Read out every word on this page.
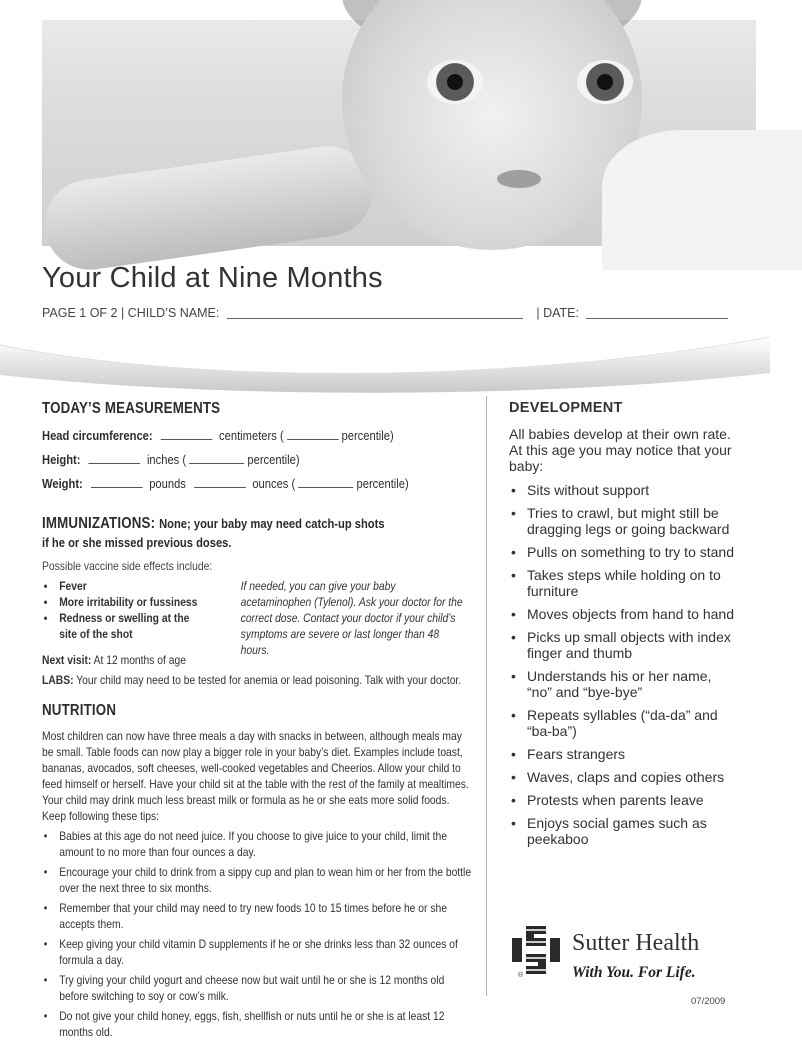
Your Child at Nine Months
PAGE 1 OF 2 | CHILD’S NAME:	| DATE:
TODAY’S MEASUREMENTS
Head circumference:	centimeters (	percentile)
Height:	inches (	percentile)
Weight:	pounds	ounces (	percentile)
IMMUNIZATIONS: None; your baby may need catch-up shots
if he or she missed previous doses.
Possible vaccine side effects include:
• Fever
• More irritability or fussiness
• Redness or swelling at the site of the shot
If needed, you can give your baby acetaminophen (Tylenol). Ask your doctor for the correct dose. Contact your doctor if your child’s symptoms are severe or last longer than 48 hours.
Next visit: At 12 months of age
LABS: Your child may need to be tested for anemia or lead poisoning. Talk with your doctor.
NUTRITION
Most children can now have three meals a day with snacks in between, although meals may be small. Table foods can now play a bigger role in your baby’s diet. Examples include toast, bananas, avocados, soft cheeses, well-cooked vegetables and Cheerios. Allow your child to feed himself or herself. Have your child sit at the table with the rest of the family at mealtimes. Your child may drink much less breast milk or formula as he or she eats more solid foods. Keep following these tips:
• Babies at this age do not need juice. If you choose to give juice to your child, limit the amount to no more than four ounces a day.
• Encourage your child to drink from a sippy cup and plan to wean him or her from the bottle over the next three to six months.
• Remember that your child may need to try new foods 10 to 15 times before he or she accepts them.
• Keep giving your child vitamin D supplements if he or she drinks less than 32 ounces of formula a day.
• Try giving your child yogurt and cheese now but wait until he or she is 12 months old before switching to soy or cow’s milk.
• Do not give your child honey, eggs, fish, shellfish or nuts until he or she is at least 12 months old.
DEVELOPMENT
All babies develop at their own rate. At this age you may notice that your baby:
• Sits without support
• Tries to crawl, but might still be dragging legs or going backward
• Pulls on something to try to stand
• Takes steps while holding on to furniture
• Moves objects from hand to hand
• Picks up small objects with index finger and thumb
• Understands his or her name, “no” and “bye-bye”
• Repeats syllables (“da-da” and “ba-ba”)
• Fears strangers
• Waves, claps and copies others
• Protests when parents leave
• Enjoys social games such as peekaboo
®
Sutter Health
With You. For Life.
07/2009
